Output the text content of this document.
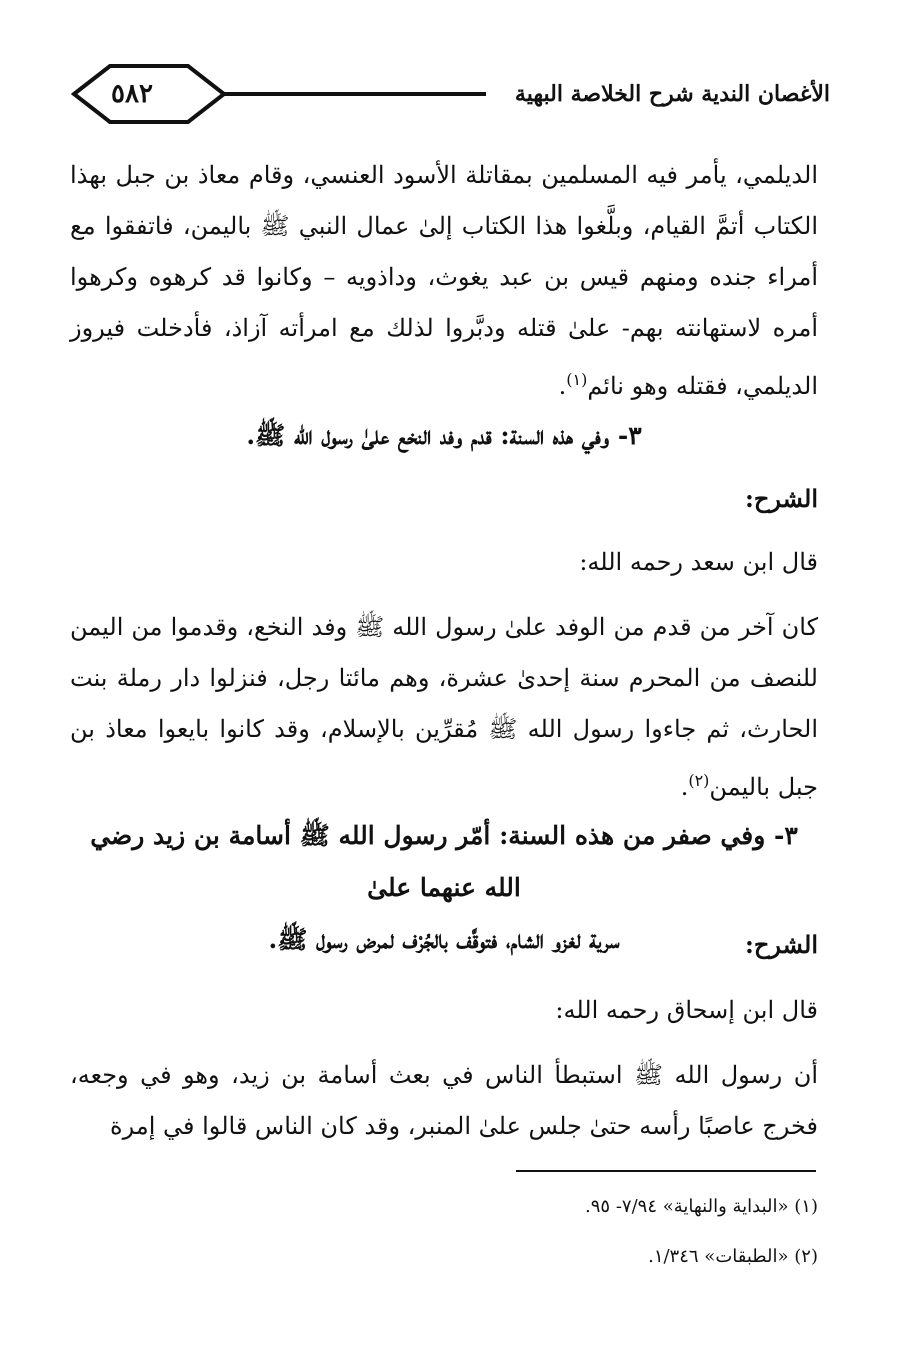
٥٨٢	الأغصان الندية شرح الخلاصة البهية
الديلمي، يأمر فيه المسلمين بمقاتلة الأسود العنسي، وقام معاذ بن جبل بهذا الكتاب أتمَّ القيام، وبلَّغوا هذا الكتاب إلىٰ عمال النبي ﷺ باليمن، فاتفقوا مع أمراء جنده ومنهم قيس بن عبد يغوث، وداذويه – وكانوا قد كرهوه وكرهوا أمره لاستهانته بهم- علىٰ قتله ودبَّروا لذلك مع امرأته آزاذ، فأدخلت فيروز الديلمي، فقتله وهو نائم$^{(١)}$.
٣- وفي هذه السنة: قدم وفد النخع علىٰ رسول الله ﷺ.
الشرح:
قال ابن سعد رحمه الله:
كان آخر من قدم من الوفد علىٰ رسول الله ﷺ وفد النخع، وقدموا من اليمن للنصف من المحرم سنة إحدىٰ عشرة، وهم مائتا رجل، فنزلوا دار رملة بنت الحارث، ثم جاءوا رسول الله ﷺ مُقرِّين بالإسلام، وقد كانوا بايعوا معاذ بن جبل باليمن$^{(٢)}$.
٣- وفي صفر من هذه السنة: أمّر رسول الله ﷺ أسامة بن زيد رضي الله عنهما علىٰ
سرية لغزو الشام، فتوقَّف بالجُرْف لمرض رسول ﷺ.	الشرح:
قال ابن إسحاق رحمه الله:
أن رسول الله ﷺ استبطأ الناس في بعث أسامة بن زيد، وهو في وجعه، فخرج عاصبًا رأسه حتىٰ جلس علىٰ المنبر، وقد كان الناس قالوا في إمرة
(١) «البداية والنهاية» ٧/٩٤- ٩٥.
(٢) «الطبقات» ١/٣٤٦.
